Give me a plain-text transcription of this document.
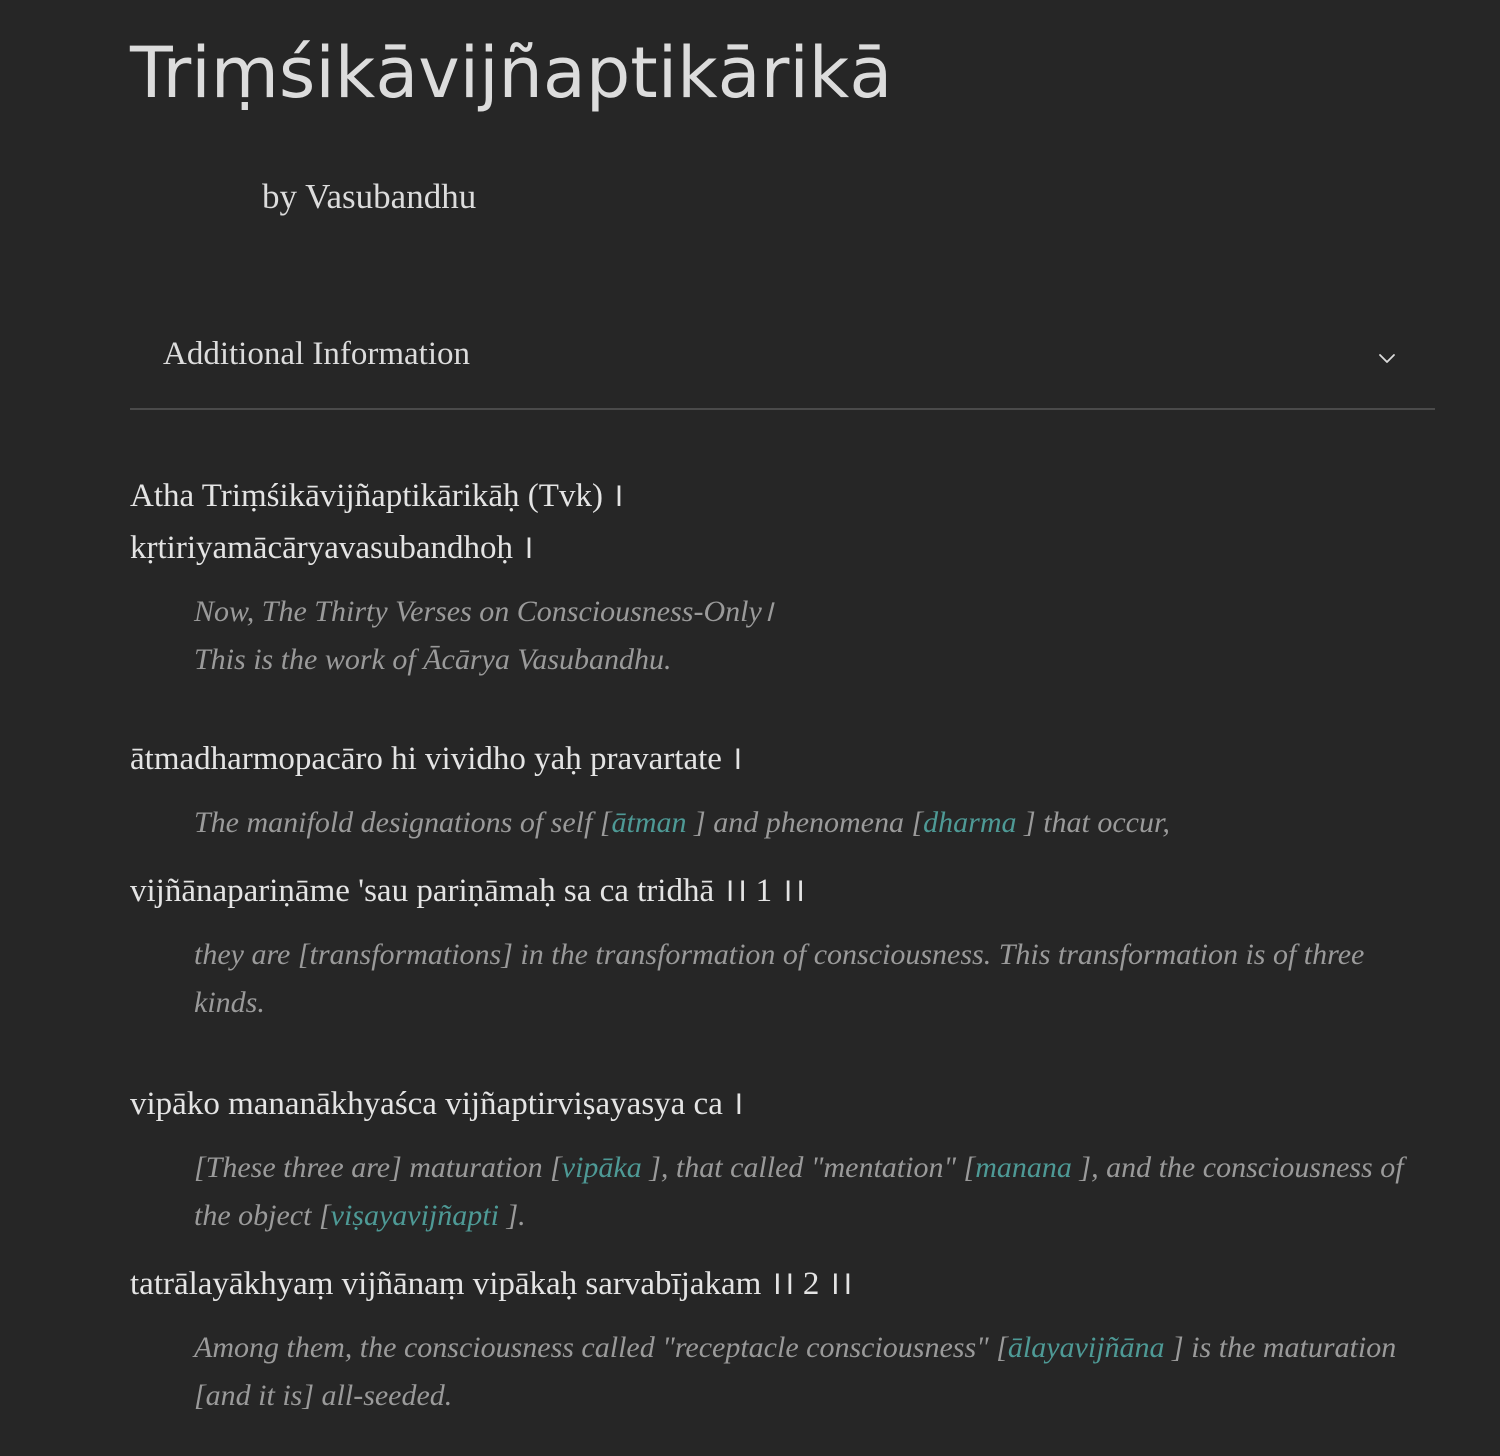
Triṃśikāvijñaptikārikā
by Vasubandhu
Additional Information

Atha Triṃśikāvijñaptikārikāḥ (Tvk) ।

kṛtiriyamācāryavasubandhoḥ ।

Now, The Thirty Verses on Consciousness-Only।

This is the work of Ācārya Vasubandhu.

ātmadharmopacāro hi vividho yaḥ pravartate ।

The manifold designations of self [ātman ] and phenomena [dharma ] that occur,

vijñānapariṇāme 'sau pariṇāmaḥ sa ca tridhā ।। 1 ।।

they are [transformations] in the transformation of consciousness. This transformation is of three kinds.

vipāko mananākhyaśca vijñaptirviṣayasya ca ।

[These three are] maturation [vipāka ], that called "mentation" [manana ], and the consciousness of the object [viṣayavijñapti ].

tatrālayākhyaṃ vijñānaṃ vipākaḥ sarvabījakam ।। 2 ।।

Among them, the consciousness called "receptacle consciousness" [ālayavijñāna ] is the maturation [and it is] all-seeded.
